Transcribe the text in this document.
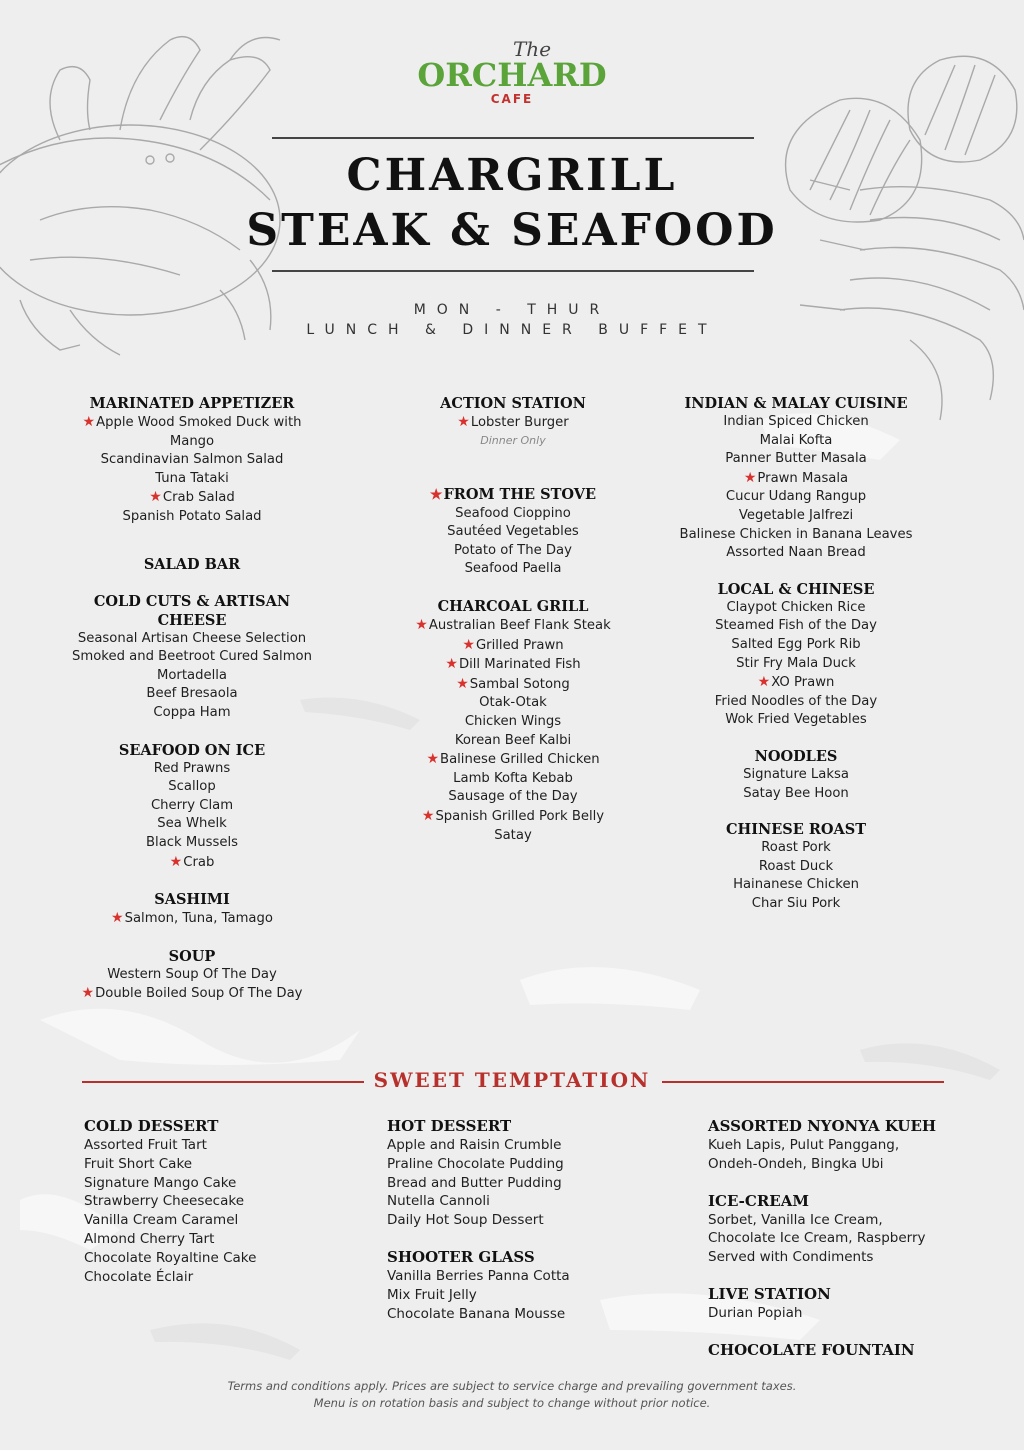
The
ORCHARD
CAFE
CHARGRILL
STEAK & SEAFOOD
MON - THUR
LUNCH & DINNER BUFFET
MARINATED APPETIZER
★Apple Wood Smoked Duck with Mango
Scandinavian Salmon Salad
Tuna Tataki
★Crab Salad
Spanish Potato Salad
SALAD BAR
COLD CUTS & ARTISAN CHEESE
Seasonal Artisan Cheese Selection
Smoked and Beetroot Cured Salmon
Mortadella
Beef Bresaola
Coppa Ham
SEAFOOD ON ICE
Red Prawns
Scallop
Cherry Clam
Sea Whelk
Black Mussels
★Crab
SASHIMI
★Salmon, Tuna, Tamago
SOUP
Western Soup Of The Day
★Double Boiled Soup Of The Day
ACTION STATION
★Lobster Burger
Dinner Only
★FROM THE STOVE
Seafood Cioppino
Sautéed Vegetables
Potato of The Day
Seafood Paella
CHARCOAL GRILL
★Australian Beef Flank Steak
★Grilled Prawn
★Dill Marinated Fish
★Sambal Sotong
Otak-Otak
Chicken Wings
Korean Beef Kalbi
★Balinese Grilled Chicken
Lamb Kofta Kebab
Sausage of the Day
★Spanish Grilled Pork Belly
Satay
INDIAN & MALAY CUISINE
Indian Spiced Chicken
Malai Kofta
Panner Butter Masala
★Prawn Masala
Cucur Udang Rangup
Vegetable Jalfrezi
Balinese Chicken in Banana Leaves
Assorted Naan Bread
LOCAL & CHINESE
Claypot Chicken Rice
Steamed Fish of the Day
Salted Egg Pork Rib
Stir Fry Mala Duck
★XO Prawn
Fried Noodles of the Day
Wok Fried Vegetables
NOODLES
Signature Laksa
Satay Bee Hoon
CHINESE ROAST
Roast Pork
Roast Duck
Hainanese Chicken
Char Siu Pork
SWEET TEMPTATION
COLD DESSERT
Assorted Fruit Tart
Fruit Short Cake
Signature Mango Cake
Strawberry Cheesecake
Vanilla Cream Caramel
Almond Cherry Tart
Chocolate Royaltine Cake
Chocolate Éclair
HOT DESSERT
Apple and Raisin Crumble
Praline Chocolate Pudding
Bread and Butter Pudding
Nutella Cannoli
Daily Hot Soup Dessert
SHOOTER GLASS
Vanilla Berries Panna Cotta
Mix Fruit Jelly
Chocolate Banana Mousse
ASSORTED NYONYA KUEH
Kueh Lapis, Pulut Panggang,
Ondeh-Ondeh, Bingka Ubi
ICE-CREAM
Sorbet, Vanilla Ice Cream,
Chocolate Ice Cream, Raspberry
Served with Condiments
LIVE STATION
Durian Popiah
CHOCOLATE FOUNTAIN
Terms and conditions apply. Prices are subject to service charge and prevailing government taxes.
Menu is on rotation basis and subject to change without prior notice.
